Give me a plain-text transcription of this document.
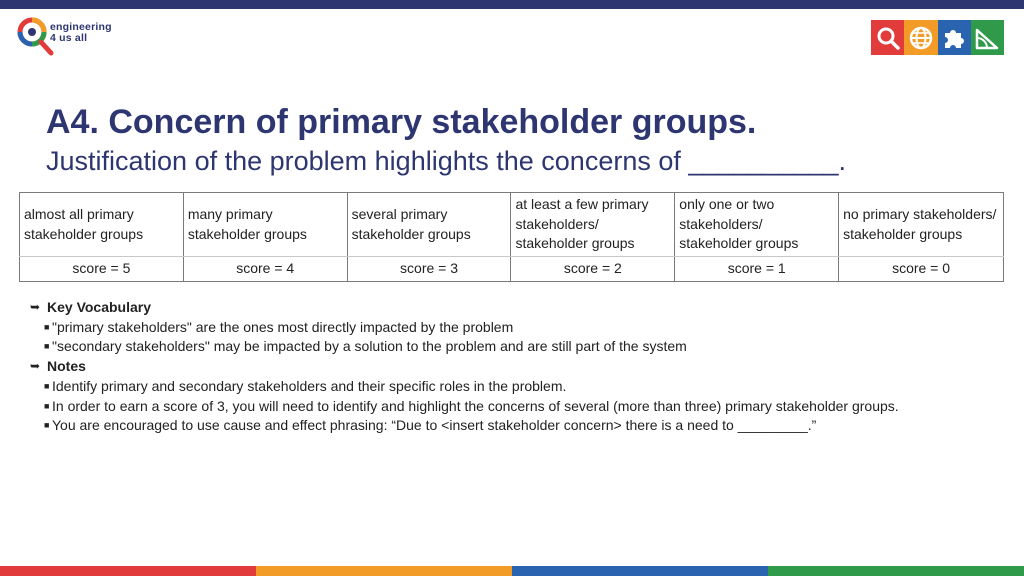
engineering
4 us all
A4. Concern of primary stakeholder groups.
Justification of the problem highlights the concerns of __________.
almost all primary stakeholder groups	many primary stakeholder groups	several primary stakeholder groups	at least a few primary stakeholders/ stakeholder groups	only one or two stakeholders/ stakeholder groups	no primary stakeholders/ stakeholder groups
score = 5	score = 4	score = 3	score = 2	score = 1	score = 0
➥ Key Vocabulary
■ "primary stakeholders" are the ones most directly impacted by the problem
■ "secondary stakeholders" may be impacted by a solution to the problem and are still part of the system
➥ Notes
■ Identify primary and secondary stakeholders and their specific roles in the problem.
■ In order to earn a score of 3, you will need to identify and highlight the concerns of several (more than three) primary stakeholder groups.
■ You are encouraged to use cause and effect phrasing: “Due to <insert stakeholder concern> there is a need to _________.”
